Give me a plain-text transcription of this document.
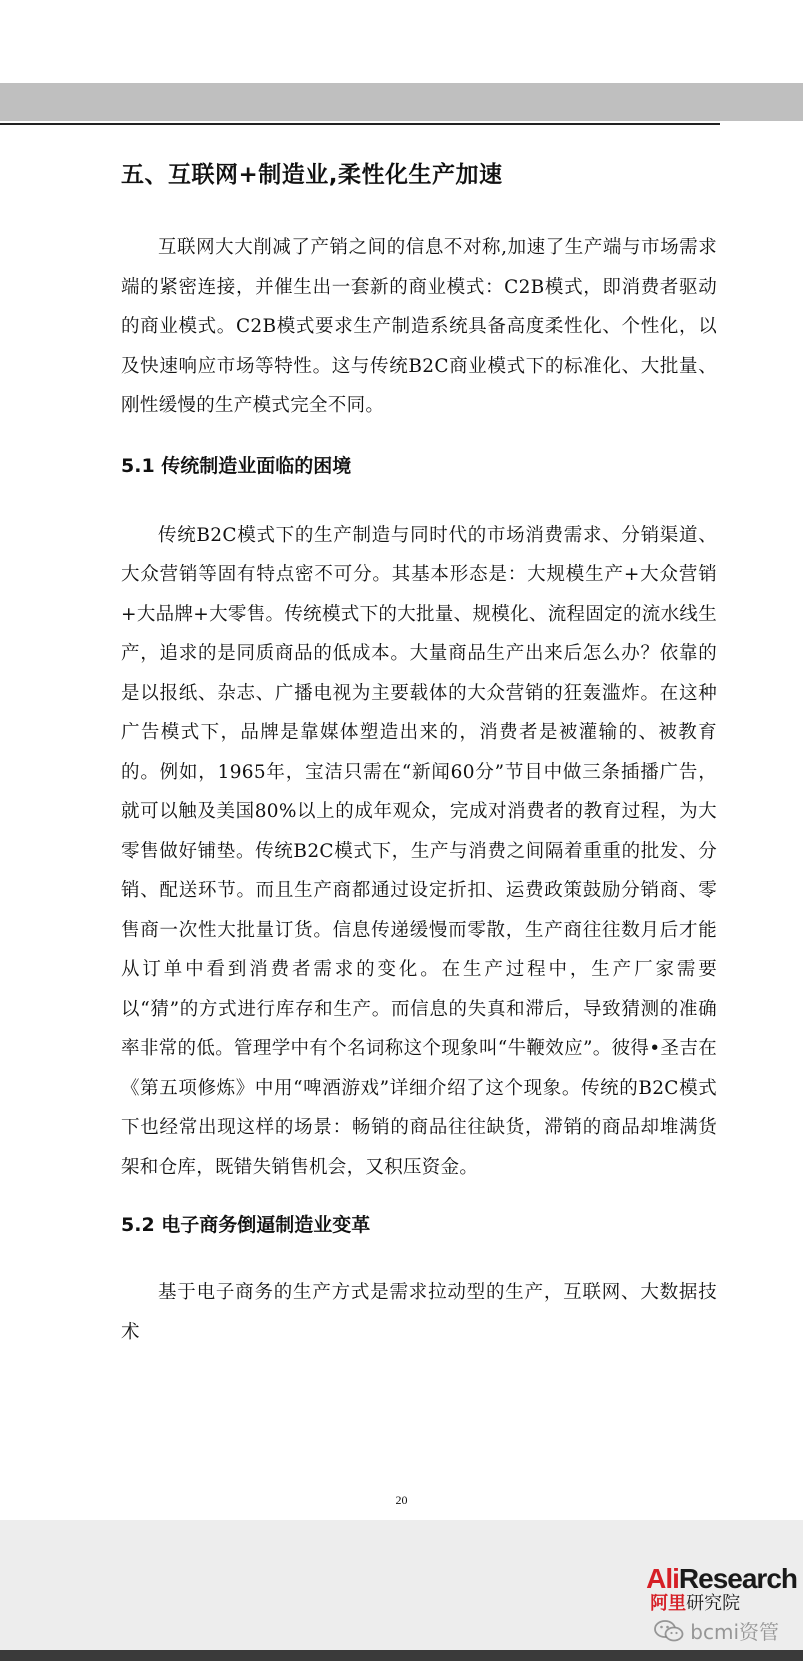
五、互联网+制造业,柔性化生产加速

互联网大大削减了产销之间的信息不对称,加速了生产端与市场需求端的紧密连接，并催生出一套新的商业模式：C2B模式，即消费者驱动的商业模式。C2B模式要求生产制造系统具备高度柔性化、个性化，以及快速响应市场等特性。这与传统B2C商业模式下的标准化、大批量、刚性缓慢的生产模式完全不同。

5.1 传统制造业面临的困境

传统B2C模式下的生产制造与同时代的市场消费需求、分销渠道、大众营销等固有特点密不可分。其基本形态是：大规模生产+大众营销+大品牌+大零售。传统模式下的大批量、规模化、流程固定的流水线生产，追求的是同质商品的低成本。大量商品生产出来后怎么办？依靠的是以报纸、杂志、广播电视为主要载体的大众营销的狂轰滥炸。在这种广告模式下，品牌是靠媒体塑造出来的，消费者是被灌输的、被教育的。例如，1965年，宝洁只需在“新闻60分”节目中做三条插播广告，就可以触及美国80%以上的成年观众，完成对消费者的教育过程，为大零售做好铺垫。传统B2C模式下，生产与消费之间隔着重重的批发、分销、配送环节。而且生产商都通过设定折扣、运费政策鼓励分销商、零售商一次性大批量订货。信息传递缓慢而零散，生产商往往数月后才能从订单中看到消费者需求的变化。在生产过程中，生产厂家需要以“猜”的方式进行库存和生产。而信息的失真和滞后，导致猜测的准确率非常的低。管理学中有个名词称这个现象叫“牛鞭效应”。彼得•圣吉在《第五项修炼》中用“啤酒游戏”详细介绍了这个现象。传统的B2C模式下也经常出现这样的场景：畅销的商品往往缺货，滞销的商品却堆满货架和仓库，既错失销售机会，又积压资金。

5.2 电子商务倒逼制造业变革

基于电子商务的生产方式是需求拉动型的生产，互联网、大数据技术

20
AliResearch
阿里研究院
bcmi资管
